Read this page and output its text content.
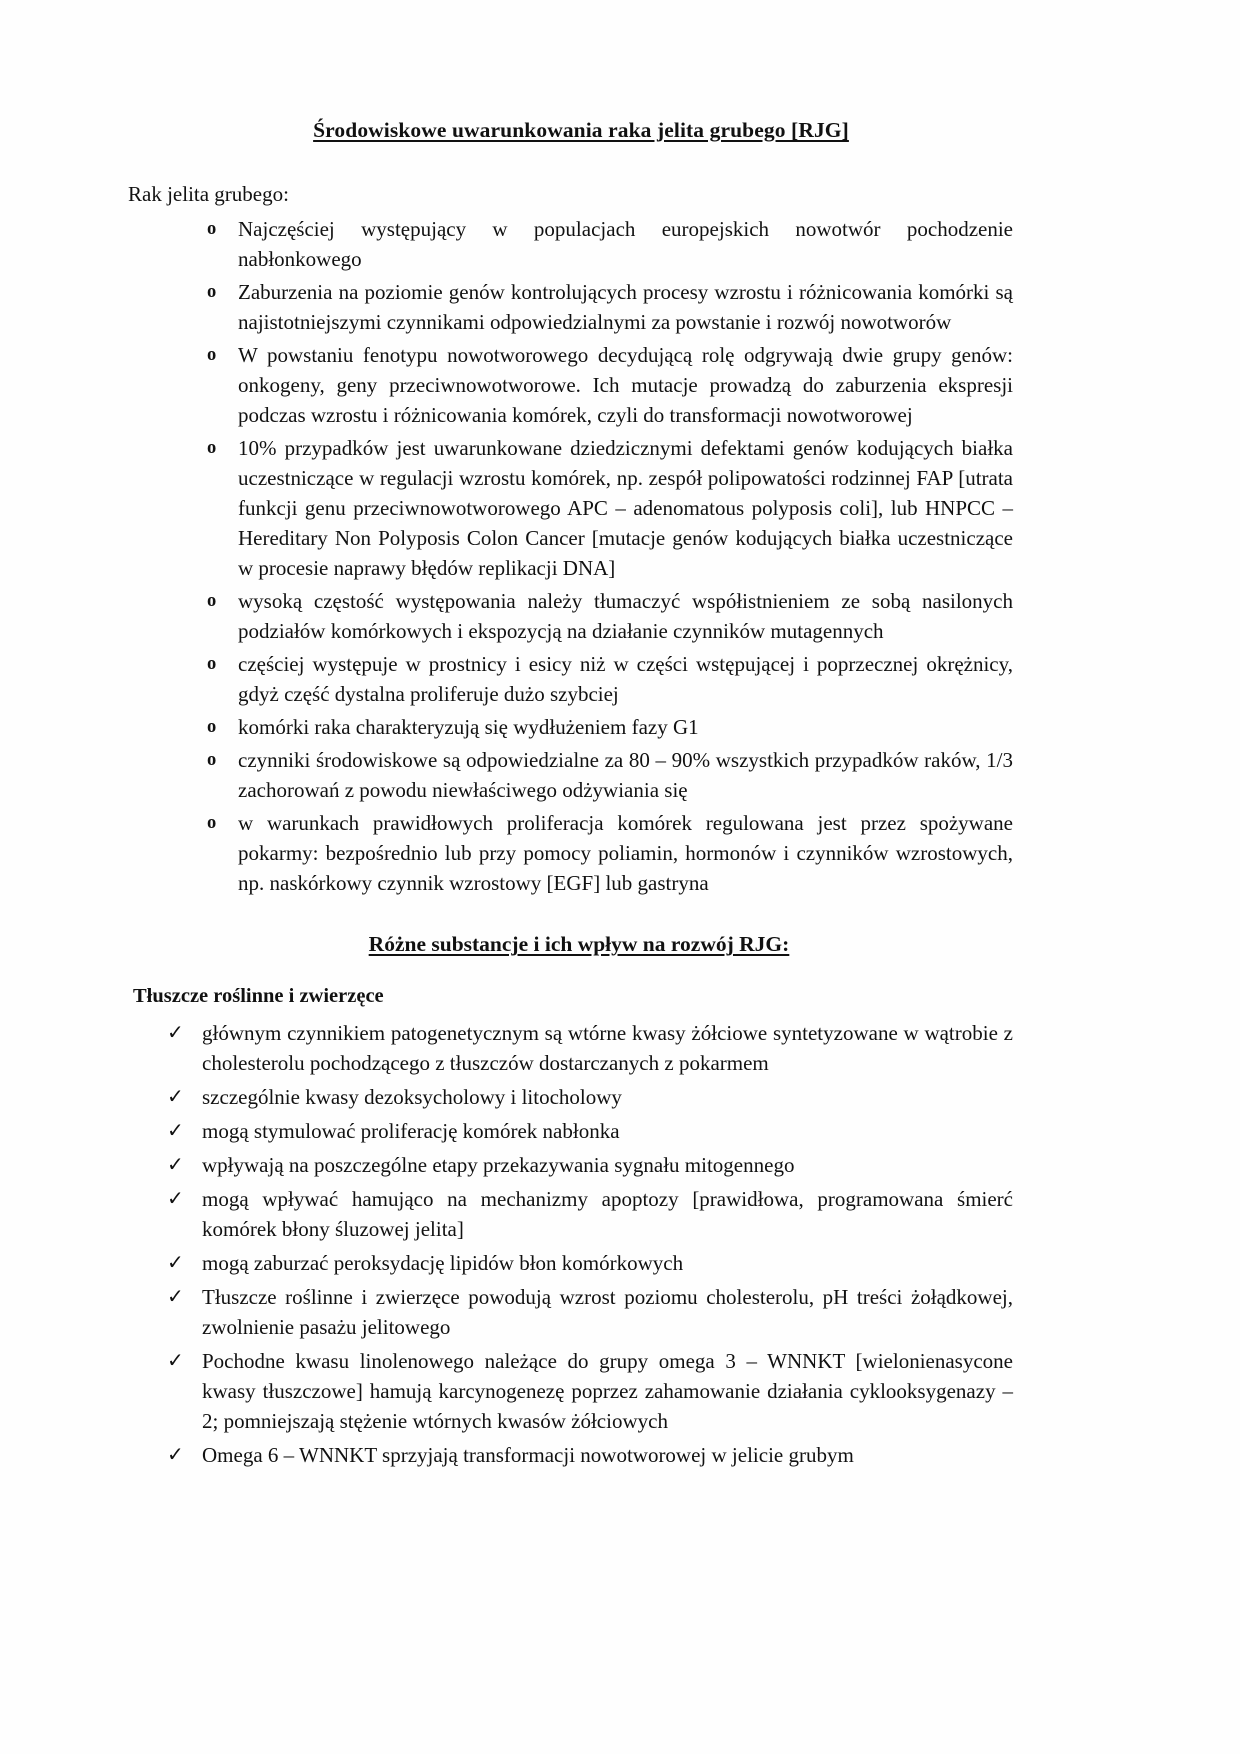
Środowiskowe uwarunkowania raka jelita grubego [RJG]

Rak jelita grubego:

o Najczęściej występujący w populacjach europejskich nowotwór pochodzenie nabłonkowego
o Zaburzenia na poziomie genów kontrolujących procesy wzrostu i różnicowania komórki są najistotniejszymi czynnikami odpowiedzialnymi za powstanie i rozwój nowotworów
o W powstaniu fenotypu nowotworowego decydującą rolę odgrywają dwie grupy genów: onkogeny, geny przeciwnowotworowe. Ich mutacje prowadzą do zaburzenia ekspresji podczas wzrostu i różnicowania komórek, czyli do transformacji nowotworowej
o 10% przypadków jest uwarunkowane dziedzicznymi defektami genów kodujących białka uczestniczące w regulacji wzrostu komórek, np. zespół polipowatości rodzinnej FAP [utrata funkcji genu przeciwnowotworowego APC – adenomatous polyposis coli], lub HNPCC – Hereditary Non Polyposis Colon Cancer [mutacje genów kodujących białka uczestniczące w procesie naprawy błędów replikacji DNA]
o wysoką częstość występowania należy tłumaczyć współistnieniem ze sobą nasilonych podziałów komórkowych i ekspozycją na działanie czynników mutagennych
o częściej występuje w prostnicy i esicy niż w części wstępującej i poprzecznej okrężnicy, gdyż część dystalna proliferuje dużo szybciej
o komórki raka charakteryzują się wydłużeniem fazy G1
o czynniki środowiskowe są odpowiedzialne za 80 – 90% wszystkich przypadków raków, 1/3 zachorowań z powodu niewłaściwego odżywiania się
o w warunkach prawidłowych proliferacja komórek regulowana jest przez spożywane pokarmy: bezpośrednio lub przy pomocy poliamin, hormonów i czynników wzrostowych, np. naskórkowy czynnik wzrostowy [EGF] lub gastryna
Różne substancje i ich wpływ na rozwój RJG:
Tłuszcze roślinne i zwierzęce
✓ głównym czynnikiem patogenetycznym są wtórne kwasy żółciowe syntetyzowane w wątrobie z cholesterolu pochodzącego z tłuszczów dostarczanych z pokarmem
✓ szczególnie kwasy dezoksycholowy i litocholowy
✓ mogą stymulować proliferację komórek nabłonka
✓ wpływają na poszczególne etapy przekazywania sygnału mitogennego
✓ mogą wpływać hamująco na mechanizmy apoptozy [prawidłowa, programowana śmierć komórek błony śluzowej jelita]
✓ mogą zaburzać peroksydację lipidów błon komórkowych
✓ Tłuszcze roślinne i zwierzęce powodują wzrost poziomu cholesterolu, pH treści żołądkowej, zwolnienie pasażu jelitowego
✓ Pochodne kwasu linolenowego należące do grupy omega 3 – WNNKT [wielonienasycone kwasy tłuszczowe] hamują karcynogenezę poprzez zahamowanie działania cyklooksygenazy –2; pomniejszają stężenie wtórnych kwasów żółciowych
✓ Omega 6 – WNNKT sprzyjają transformacji nowotworowej w jelicie grubym
